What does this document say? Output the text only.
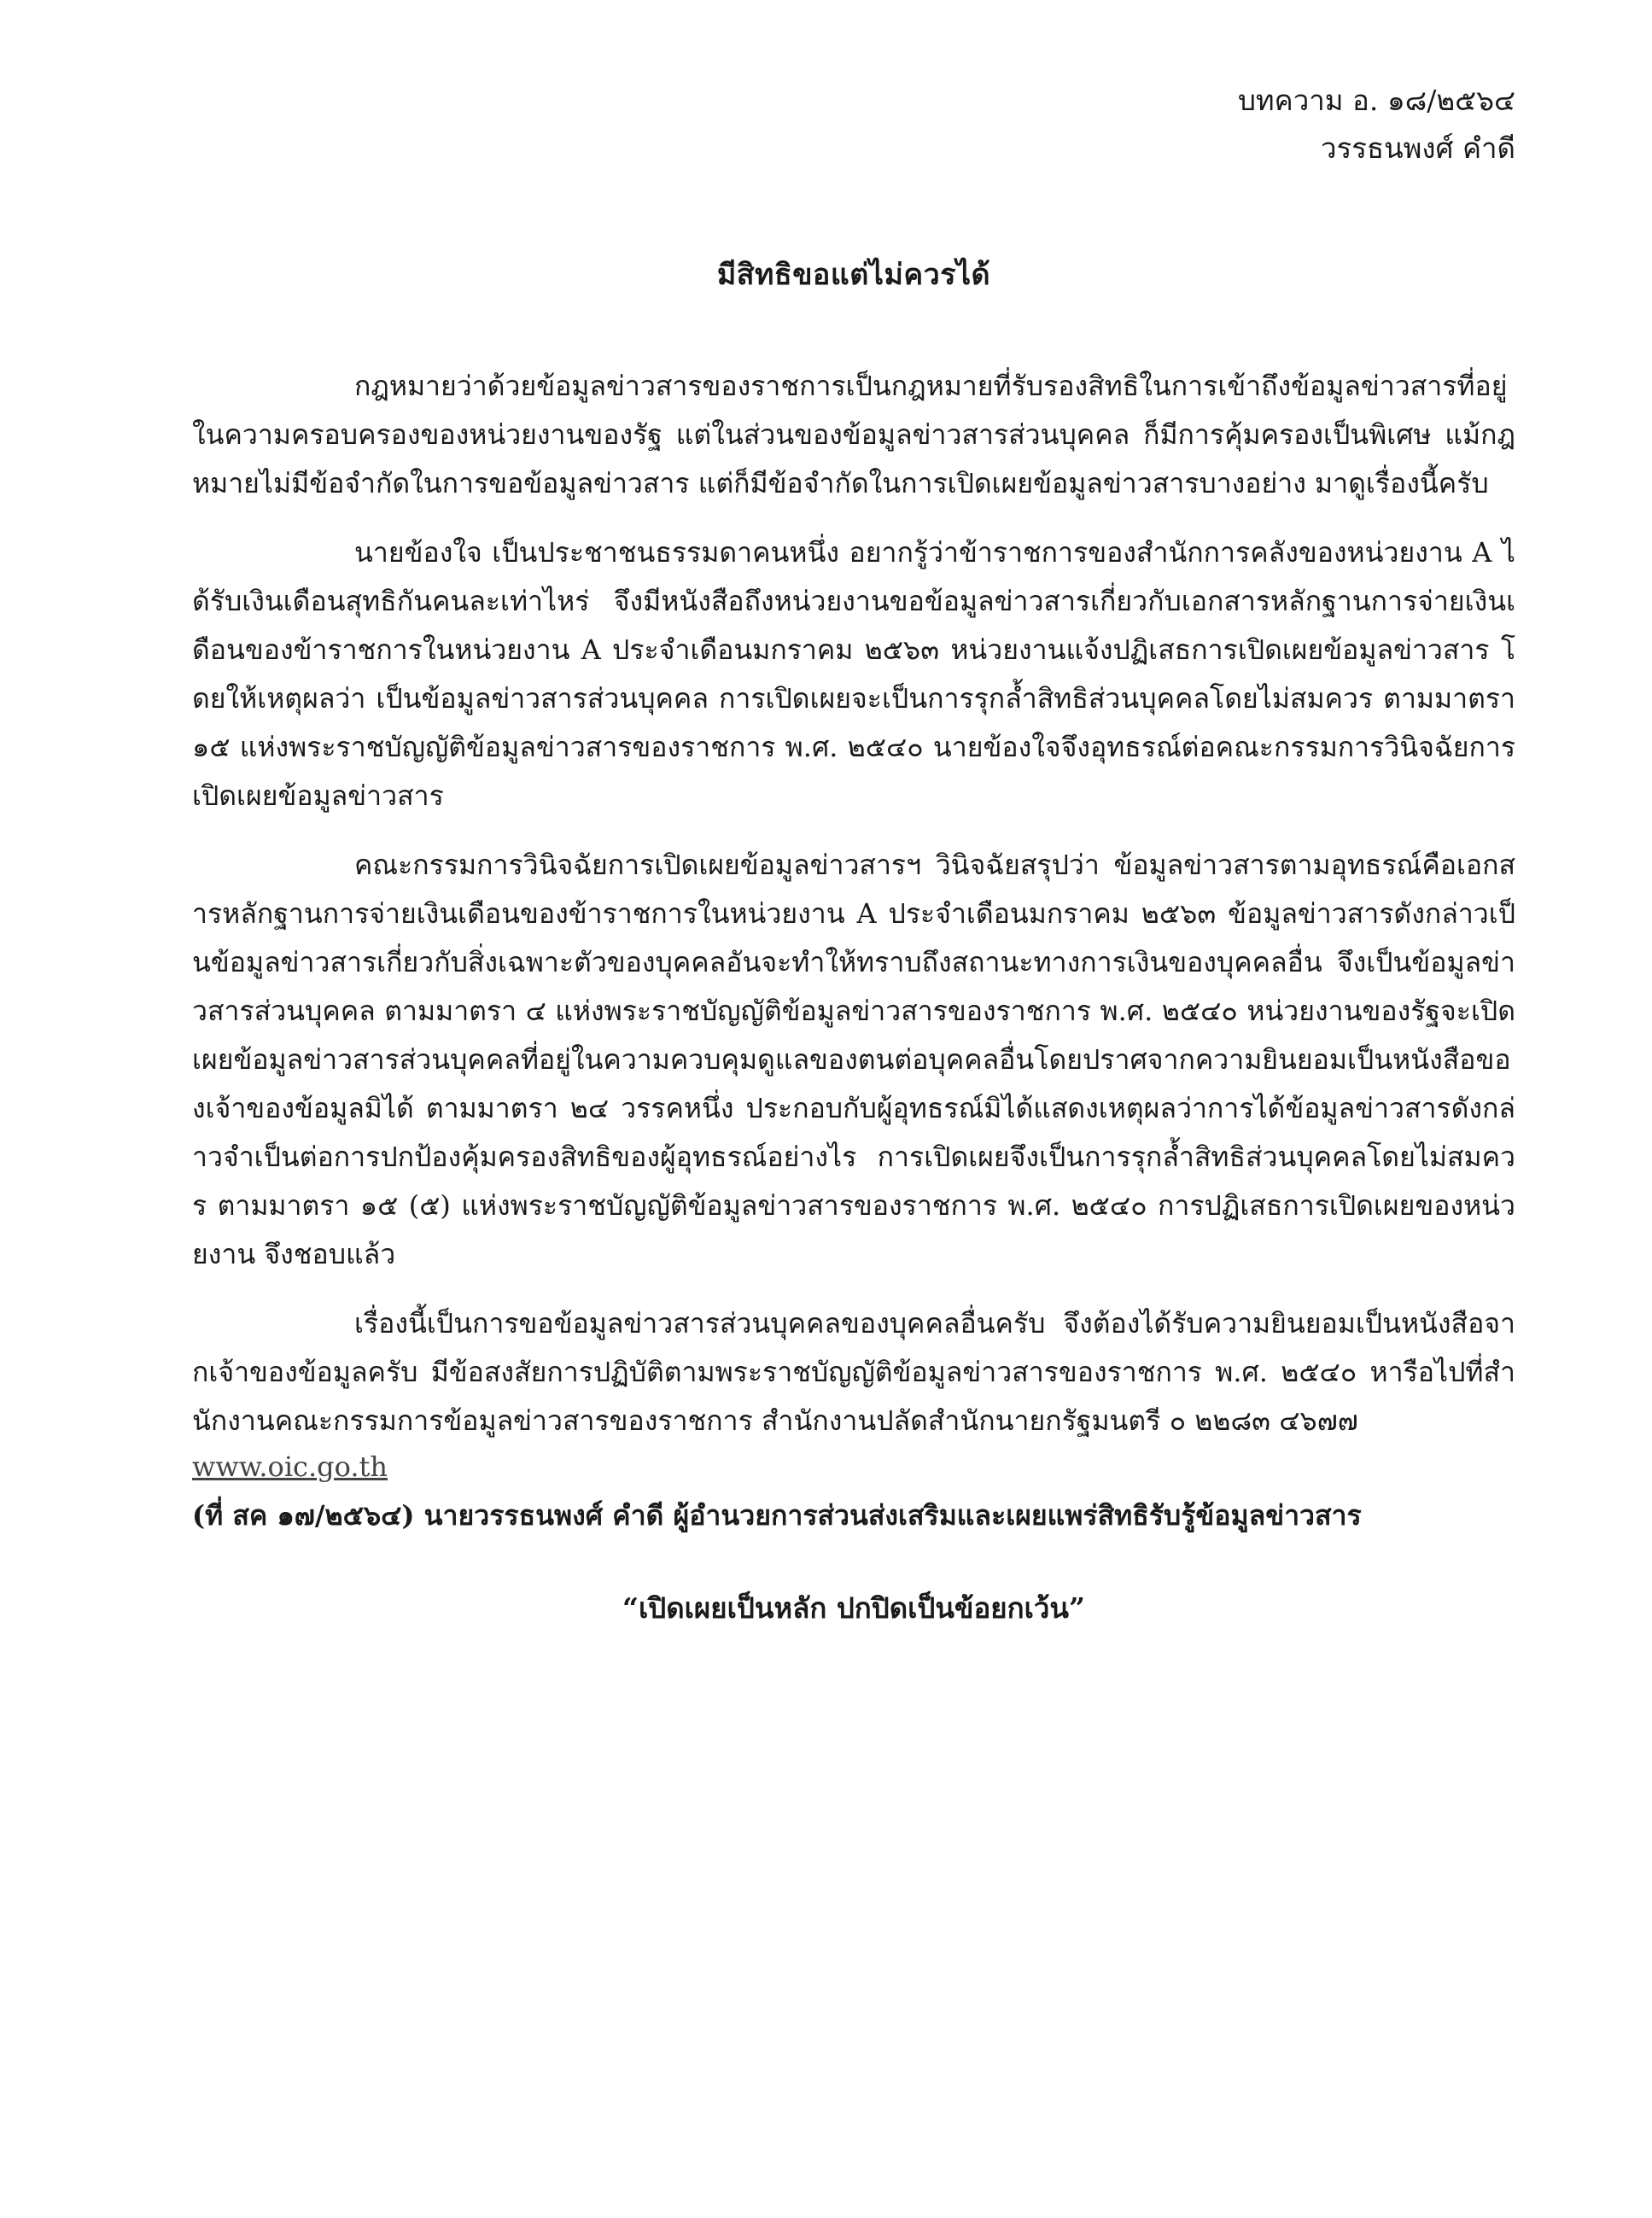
บทความ อ. ๑๘/๒๕๖๔
วรรธนพงศ์ คำดี
มีสิทธิขอแต่ไม่ควรได้

กฎหมายว่าด้วยข้อมูลข่าวสารของราชการเป็นกฎหมายที่รับรองสิทธิในการเข้าถึงข้อมูลข่าวสารที่อยู่ในความครอบครองของหน่วยงานของรัฐ แต่ในส่วนของข้อมูลข่าวสารส่วนบุคคล ก็มีการคุ้มครองเป็นพิเศษ แม้กฎหมายไม่มีข้อจำกัดในการขอข้อมูลข่าวสาร แต่ก็มีข้อจำกัดในการเปิดเผยข้อมูลข่าวสารบางอย่าง มาดูเรื่องนี้ครับ

นายข้องใจ เป็นประชาชนธรรมดาคนหนึ่ง อยากรู้ว่าข้าราชการของสำนักการคลังของหน่วยงาน A ได้รับเงินเดือนสุทธิกันคนละเท่าไหร่ จึงมีหนังสือถึงหน่วยงานขอข้อมูลข่าวสารเกี่ยวกับเอกสารหลักฐานการจ่ายเงินเดือนของข้าราชการในหน่วยงาน A ประจำเดือนมกราคม ๒๕๖๓ หน่วยงานแจ้งปฏิเสธการเปิดเผยข้อมูลข่าวสาร โดยให้เหตุผลว่า เป็นข้อมูลข่าวสารส่วนบุคคล การเปิดเผยจะเป็นการรุกล้ำสิทธิส่วนบุคคลโดยไม่สมควร ตามมาตรา ๑๕ แห่งพระราชบัญญัติข้อมูลข่าวสารของราชการ พ.ศ. ๒๕๔๐ นายข้องใจจึงอุทธรณ์ต่อคณะกรรมการวินิจฉัยการเปิดเผยข้อมูลข่าวสาร

คณะกรรมการวินิจฉัยการเปิดเผยข้อมูลข่าวสารฯ วินิจฉัยสรุปว่า ข้อมูลข่าวสารตามอุทธรณ์คือเอกสารหลักฐานการจ่ายเงินเดือนของข้าราชการในหน่วยงาน A ประจำเดือนมกราคม ๒๕๖๓ ข้อมูลข่าวสารดังกล่าวเป็นข้อมูลข่าวสารเกี่ยวกับสิ่งเฉพาะตัวของบุคคลอันจะทำให้ทราบถึงสถานะทางการเงินของบุคคลอื่น จึงเป็นข้อมูลข่าวสารส่วนบุคคล ตามมาตรา ๔ แห่งพระราชบัญญัติข้อมูลข่าวสารของราชการ พ.ศ. ๒๕๔๐ หน่วยงานของรัฐจะเปิดเผยข้อมูลข่าวสารส่วนบุคคลที่อยู่ในความควบคุมดูแลของตนต่อบุคคลอื่นโดยปราศจากความยินยอมเป็นหนังสือของเจ้าของข้อมูลมิได้ ตามมาตรา ๒๔ วรรคหนึ่ง ประกอบกับผู้อุทธรณ์มิได้แสดงเหตุผลว่าการได้ข้อมูลข่าวสารดังกล่าวจำเป็นต่อการปกป้องคุ้มครองสิทธิของผู้อุทธรณ์อย่างไร การเปิดเผยจึงเป็นการรุกล้ำสิทธิส่วนบุคคลโดยไม่สมควร ตามมาตรา ๑๕ (๕) แห่งพระราชบัญญัติข้อมูลข่าวสารของราชการ พ.ศ. ๒๕๔๐ การปฏิเสธการเปิดเผยของหน่วยงาน จึงชอบแล้ว

เรื่องนี้เป็นการขอข้อมูลข่าวสารส่วนบุคคลของบุคคลอื่นครับ จึงต้องได้รับความยินยอมเป็นหนังสือจากเจ้าของข้อมูลครับ มีข้อสงสัยการปฏิบัติตามพระราชบัญญัติข้อมูลข่าวสารของราชการ พ.ศ. ๒๕๔๐ หารือไปที่สำนักงานคณะกรรมการข้อมูลข่าวสารของราชการ สำนักงานปลัดสำนักนายกรัฐมนตรี ๐ ๒๒๘๓ ๔๖๗๗

www.oic.go.th
(ที่ สค ๑๗/๒๕๖๔) นายวรรธนพงศ์ คำดี ผู้อำนวยการส่วนส่งเสริมและเผยแพร่สิทธิรับรู้ข้อมูลข่าวสาร
“เปิดเผยเป็นหลัก ปกปิดเป็นข้อยกเว้น”
